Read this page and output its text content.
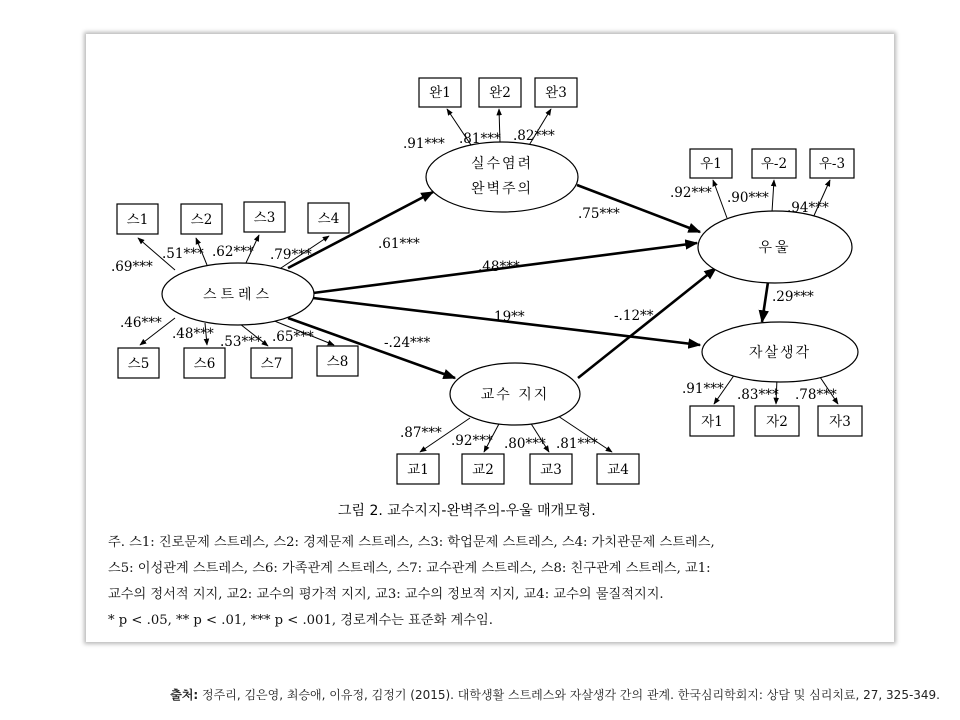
스트레스
실수염려
완벽주의
우울
자살생각
교수 지지
스1	스2	스3	스4
스5	스6	스7	스8
완1	완2	완3
우1	우-2 우-3
교1	교2	교3	교4
자1	자2	자3
.69***
.51*** .62*** .79***
.46***
.48*** .53*** .65***
.91*** .81*** .82***
.92*** .90***
.94***
.87*** .92*** .80*** .81***
.91*** .83*** .78***
.61***
.75***
.48***
19**
-.24***
-.12**
.29***
그림 2. 교수지지-완벽주의-우울 매개모형.
주. 스1: 진로문제 스트레스, 스2: 경제문제 스트레스, 스3: 학업문제 스트레스, 스4: 가치관문제 스트레스,
스5: 이성관계 스트레스, 스6: 가족관계 스트레스, 스7: 교수관계 스트레스, 스8: 친구관계 스트레스, 교1:
교수의 정서적 지지, 교2: 교수의 평가적 지지, 교3: 교수의 정보적 지지, 교4: 교수의 물질적지지.
* p < .05, ** p < .01, *** p < .001, 경로계수는 표준화 계수임.
출처: 정주리, 김은영, 최승애, 이유정, 김정기 (2015). 대학생활 스트레스와 자살생각 간의 관계. 한국심리학회지: 상담 및 심리치료, 27, 325-349.
